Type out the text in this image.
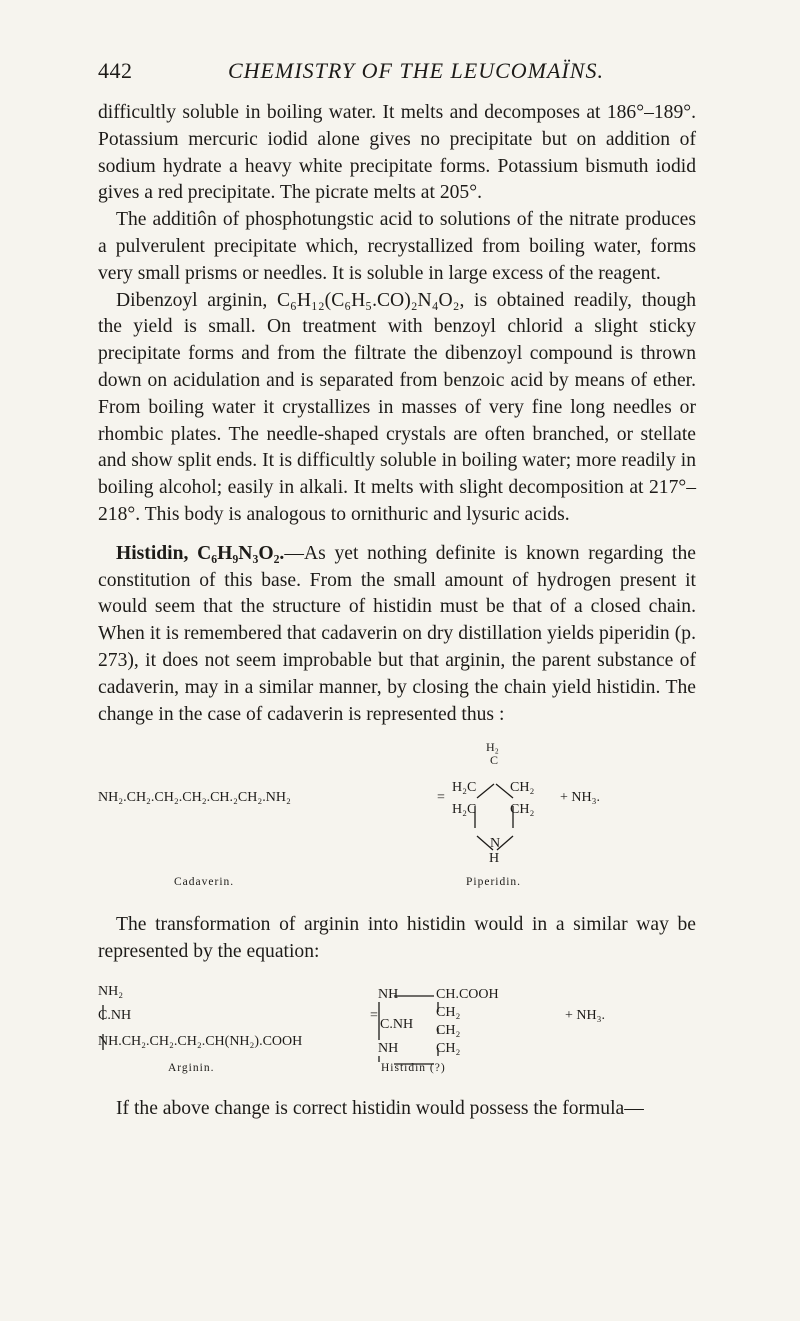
442	CHEMISTRY OF THE LEUCOMAÏNS.

difficultly soluble in boiling water. It melts and decomposes at 186°–189°. Potassium mercuric iodid alone gives no precipitate but on addition of sodium hydrate a heavy white precipitate forms. Potassium bismuth iodid gives a red precipitate. The picrate melts at 205°.

The additiôn of phosphotungstic acid to solutions of the nitrate produces a pulverulent precipitate which, recrystallized from boiling water, forms very small prisms or needles. It is soluble in large excess of the reagent.

Dibenzoyl arginin, C₆H₁₂(C₆H₅.CO)₂N₄O₂, is obtained readily, though the yield is small. On treatment with benzoyl chlorid a slight sticky precipitate forms and from the filtrate the dibenzoyl compound is thrown down on acidulation and is separated from benzoic acid by means of ether. From boiling water it crystallizes in masses of very fine long needles or rhombic plates. The needle-shaped crystals are often branched, or stellate and show split ends. It is difficultly soluble in boiling water; more readily in boiling alcohol; easily in alkali. It melts with slight decomposition at 217°–218°. This body is analogous to ornithuric and lysuric acids.

Histidin, C₆H₉N₃O₂.—As yet nothing definite is known regarding the constitution of this base. From the small amount of hydrogen present it would seem that the structure of histidin must be that of a closed chain. When it is remembered that cadaverin on dry distillation yields piperidin (p. 273), it does not seem improbable but that arginin, the parent substance of cadaverin, may in a similar manner, by closing the chain yield histidin. The change in the case of cadaverin is represented thus :

NH₂.CH₂.CH₂.CH₂.CH.₂CH₂.NH₂	=
H₂
C
H₂C CH₂
H₂C CH₂
N
H
+ NH₃.
Cadaverin.	Piperidin.

The transformation of arginin into histidin would in a similar way be represented by the equation:

NH₂
C.NH
NH.CH₂.CH₂.CH₂.CH(NH₂).COOH
=
NH	CH.COOH
CH₂
C.NH CH₂
NH	CH₂
+ NH₃.
Arginin.	Histidin (?)

If the above change is correct histidin would possess the formula—
